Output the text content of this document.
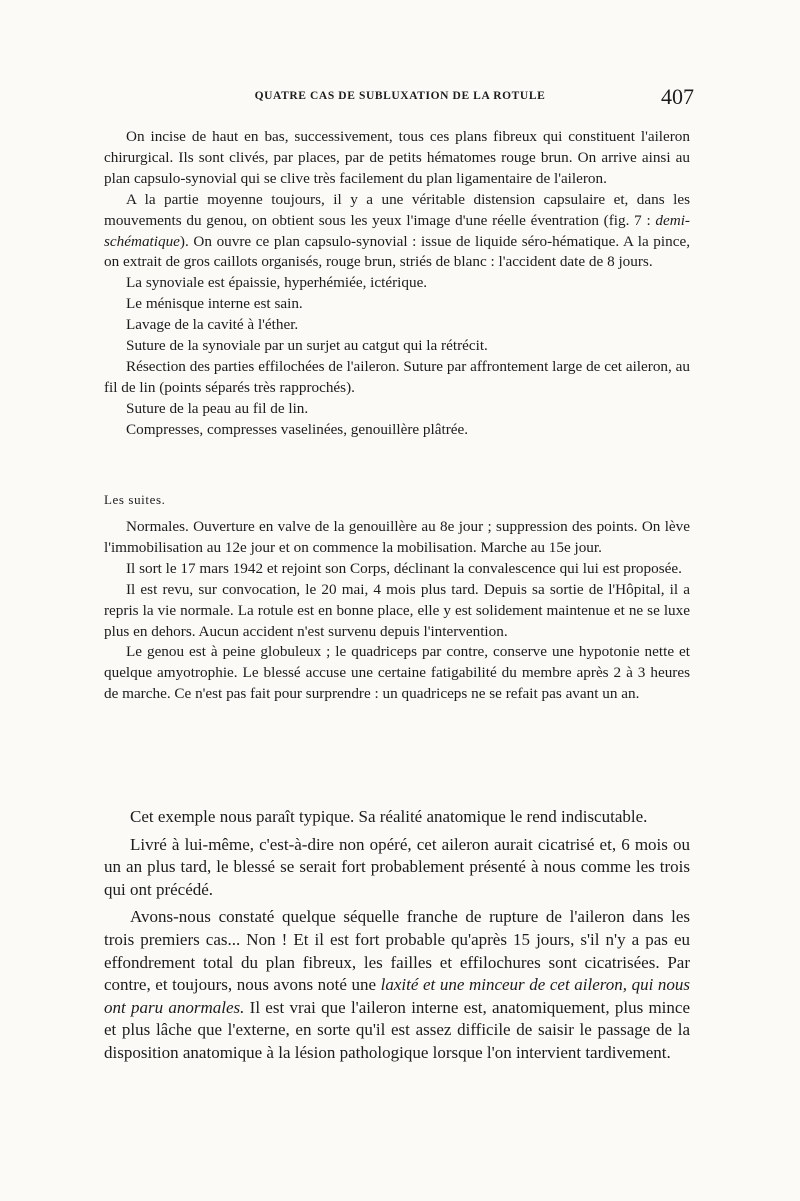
QUATRE CAS DE SUBLUXATION DE LA ROTULE	407

On incise de haut en bas, successivement, tous ces plans fibreux qui constituent l'aileron chirurgical. Ils sont clivés, par places, par de petits hématomes rouge brun. On arrive ainsi au plan capsulo-synovial qui se clive très facilement du plan ligamentaire de l'aileron.

A la partie moyenne toujours, il y a une véritable distension capsulaire et, dans les mouvements du genou, on obtient sous les yeux l'image d'une réelle éventration (fig. 7 : demi-schématique). On ouvre ce plan capsulo-synovial : issue de liquide séro-hématique. A la pince, on extrait de gros caillots organisés, rouge brun, striés de blanc : l'accident date de 8 jours.

La synoviale est épaissie, hyperhémiée, ictérique.

Le ménisque interne est sain.

Lavage de la cavité à l'éther.

Suture de la synoviale par un surjet au catgut qui la rétrécit.

Résection des parties effilochées de l'aileron. Suture par affrontement large de cet aileron, au fil de lin (points séparés très rapprochés).

Suture de la peau au fil de lin.

Compresses, compresses vaselinées, genouillère plâtrée.

Les suites.

Normales. Ouverture en valve de la genouillère au 8e jour ; suppression des points. On lève l'immobilisation au 12e jour et on commence la mobilisation. Marche au 15e jour.

Il sort le 17 mars 1942 et rejoint son Corps, déclinant la convalescence qui lui est proposée.

Il est revu, sur convocation, le 20 mai, 4 mois plus tard. Depuis sa sortie de l'Hôpital, il a repris la vie normale. La rotule est en bonne place, elle y est solidement maintenue et ne se luxe plus en dehors. Aucun accident n'est survenu depuis l'intervention.

Le genou est à peine globuleux ; le quadriceps par contre, conserve une hypotonie nette et quelque amyotrophie. Le blessé accuse une certaine fatigabilité du membre après 2 à 3 heures de marche. Ce n'est pas fait pour surprendre : un quadriceps ne se refait pas avant un an.

Cet exemple nous paraît typique. Sa réalité anatomique le rend indiscutable.

Livré à lui-même, c'est-à-dire non opéré, cet aileron aurait cicatrisé et, 6 mois ou un an plus tard, le blessé se serait fort probablement présenté à nous comme les trois qui ont précédé.

Avons-nous constaté quelque séquelle franche de rupture de l'aileron dans les trois premiers cas... Non ! Et il est fort probable qu'après 15 jours, s'il n'y a pas eu effondrement total du plan fibreux, les failles et effilochures sont cicatrisées. Par contre, et toujours, nous avons noté une laxité et une minceur de cet aileron, qui nous ont paru anormales. Il est vrai que l'aileron interne est, anatomiquement, plus mince et plus lâche que l'externe, en sorte qu'il est assez difficile de saisir le passage de la disposition anatomique à la lésion pathologique lorsque l'on intervient tardivement.
